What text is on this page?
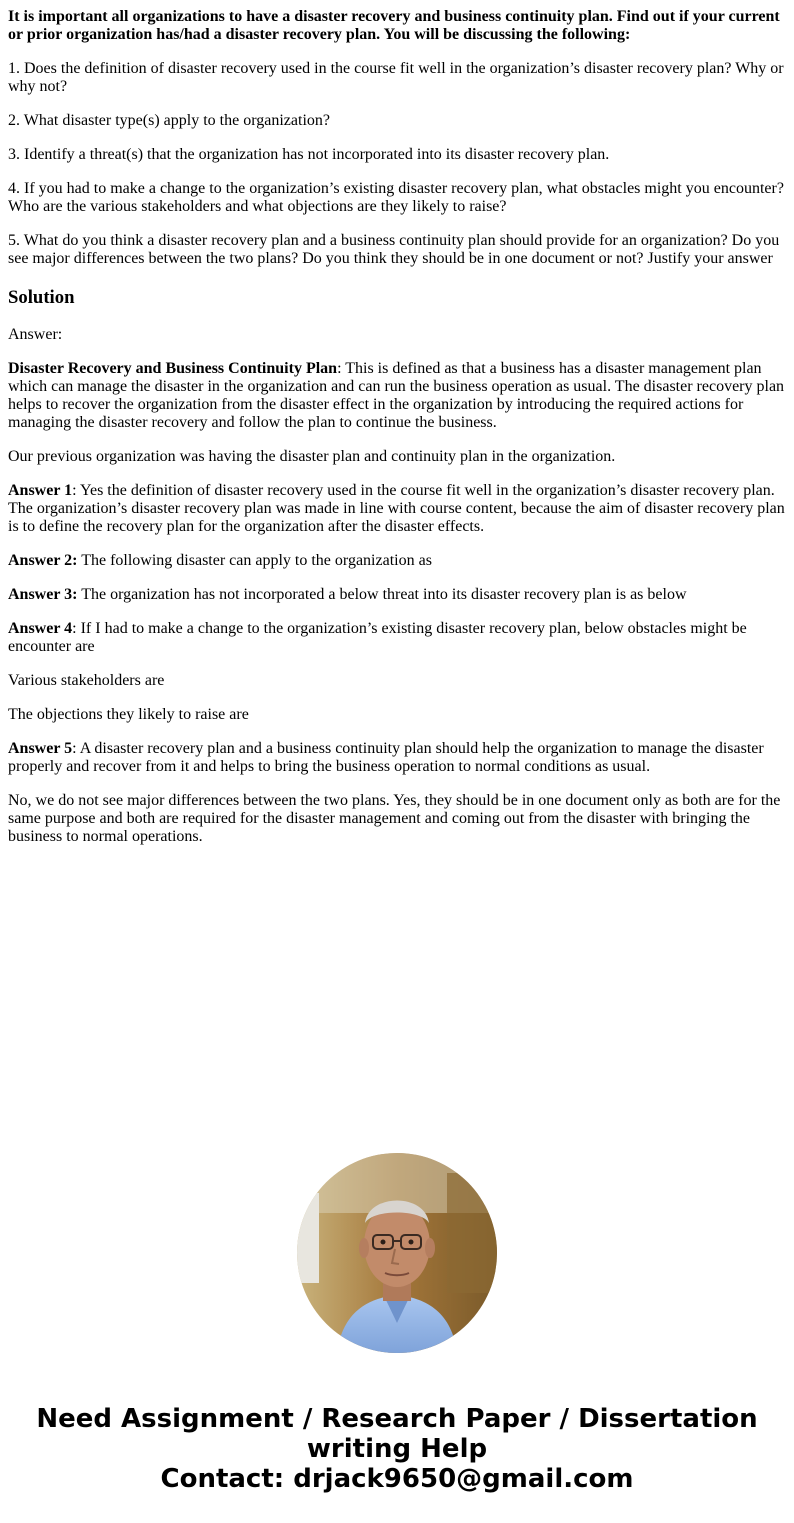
It is important all organizations to have a disaster recovery and business continuity plan. Find out if your current or prior organization has/had a disaster recovery plan. You will be discussing the following:

1. Does the definition of disaster recovery used in the course fit well in the organization’s disaster recovery plan? Why or why not?

2. What disaster type(s) apply to the organization?

3. Identify a threat(s) that the organization has not incorporated into its disaster recovery plan.

4. If you had to make a change to the organization’s existing disaster recovery plan, what obstacles might you encounter? Who are the various stakeholders and what objections are they likely to raise?

5. What do you think a disaster recovery plan and a business continuity plan should provide for an organization? Do you see major differences between the two plans? Do you think they should be in one document or not? Justify your answer

Solution

Answer:

Disaster Recovery and Business Continuity Plan: This is defined as that a business has a disaster management plan which can manage the disaster in the organization and can run the business operation as usual. The disaster recovery plan helps to recover the organization from the disaster effect in the organization by introducing the required actions for managing the disaster recovery and follow the plan to continue the business.

Our previous organization was having the disaster plan and continuity plan in the organization.

Answer 1: Yes the definition of disaster recovery used in the course fit well in the organization’s disaster recovery plan. The organization’s disaster recovery plan was made in line with course content, because the aim of disaster recovery plan is to define the recovery plan for the organization after the disaster effects.

Answer 2: The following disaster can apply to the organization as

Answer 3: The organization has not incorporated a below threat into its disaster recovery plan is as below

Answer 4: If I had to make a change to the organization’s existing disaster recovery plan, below obstacles might be encounter are

Various stakeholders are

The objections they likely to raise are

Answer 5: A disaster recovery plan and a business continuity plan should help the organization to manage the disaster properly and recover from it and helps to bring the business operation to normal conditions as usual.

No, we do not see major differences between the two plans. Yes, they should be in one document only as both are for the same purpose and both are required for the disaster management and coming out from the disaster with bringing the business to normal operations.

Need Assignment / Research Paper / Dissertation writing Help
Contact: drjack9650@gmail.com
